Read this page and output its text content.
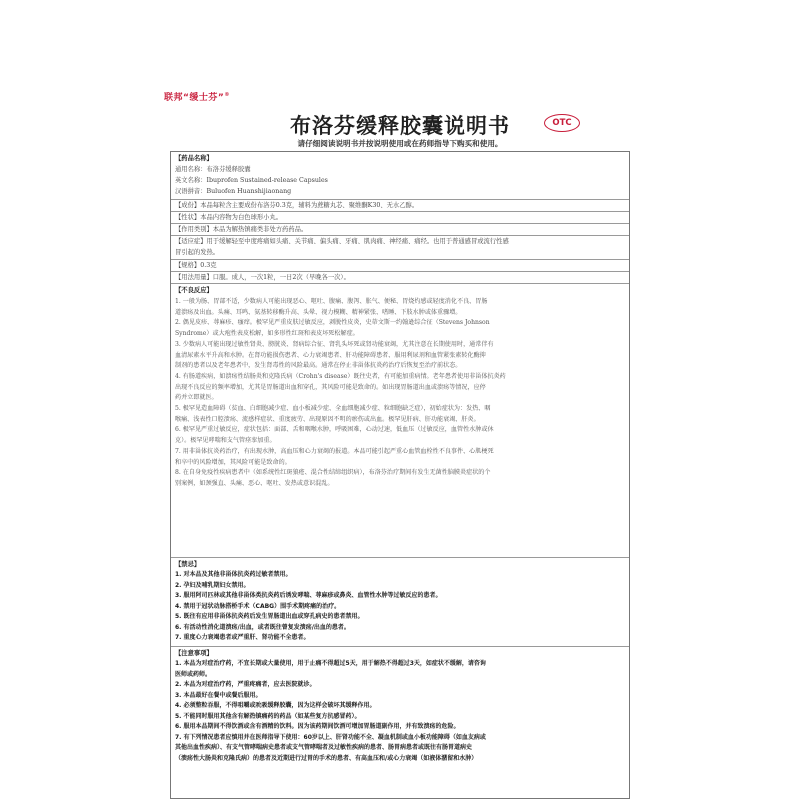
联邦“缓士芬”®
布洛芬缓释胶囊说明书	OTC
请仔细阅读说明书并按说明使用或在药师指导下购买和使用。
【药品名称】
通用名称：布洛芬缓释胶囊
英文名称：Ibuprofen Sustained-release Capsules
汉语拼音：Buluofen Huanshijiaonang
【成份】本品每粒含主要成份布洛芬0.3克，辅料为蔗糖丸芯、聚维酮K30、无水乙醇。
【性状】本品内容物为白色球形小丸。
【作用类别】本品为解热镇痛类非处方药药品。
【适应症】用于缓解轻至中度疼痛如头痛、关节痛、偏头痛、牙痛、肌肉痛、神经痛、痛经。也用于普通感冒或流行性感
冒引起的发热。
【规格】0.3克
【用法用量】口服。成人，一次1粒，一日2次（早晚各一次）。
【不良反应】
1. 一般为肠、胃部不适，少数病人可能出现恶心、呕吐、腹痛、腹泻、胀气、便秘、胃烧灼感或轻度消化不良、胃肠
道溃疡及出血。头痛、耳鸣、氨基转移酶升高、头晕、视力模糊、精神紧张、嗜睡、下肢水肿或体重骤增。
2. 偶见皮疹、荨麻疹、瘙痒。极罕见严重皮肤过敏反应，剥脱性皮炎，史蒂文斯一约翰逊综合征（Stevens Johnson
Syndrome）或大疱性表皮松解，如多形性红斑和表皮坏死松解症。
3. 少数病人可能出现过敏性肾炎、膀胱炎、肾病综合征、肾乳头坏死或肾功能衰竭，尤其注意在长期使用时，通常伴有
血清尿素水平升高和水肿。在肾功能损伤患者、心力衰竭患者、肝功能障碍患者、服用利尿剂和血管紧张素转化酶抑
制剂的患者以及老年患者中，发生肾毒性的风险最高。通常在停止非甾体抗炎药治疗后恢复至治疗前状态。
4. 有肠道疾病，如溃疡性结肠炎和克隆氏病（Crohn's disease）既往史者，有可能加重病情。老年患者使用非甾体抗炎药
出现不良反应的频率增加，尤其是胃肠道出血和穿孔，其风险可能是致命的。如出现胃肠道出血或溃疡等情况，应停
药并立即就医。
5. 极罕见造血障碍（贫血、白细胞减少症、血小板减少症、全血细胞减少症、粒细胞缺乏症），初始症状为：发热、咽
喉痛、浅表性口腔溃疡、流感样症状、重度疲劳、出现原因不明的瘀伤或出血。极罕见肝病、肝功能衰竭、肝炎。
6. 极罕见严重过敏反应，症状包括：面部、舌和咽喉水肿，呼吸困难，心动过速，低血压（过敏反应，血管性水肿或休
克）。极罕见哮喘和支气管痉挛加重。
7. 用非甾体抗炎药治疗，有出现水肿，高血压和心力衰竭的报道。本品可能引起严重心血管血栓性不良事件、心肌梗死
和卒中的风险增加，其风险可能是致命的。
8. 在自身免疫性疾病患者中（如系统性红斑狼疮、混合性结缔组织病），布洛芬治疗期间有发生无菌性脑膜炎症状的个
别案例，如颈强直、头痛、恶心、呕吐、发热或意识混乱。
【禁忌】
1. 对本品及其他非甾体抗炎药过敏者禁用。
2. 孕妇及哺乳期妇女禁用。
3. 服用阿司匹林或其他非甾体类抗炎药后诱发哮喘、荨麻疹或鼻炎、血管性水肿等过敏反应的患者。
4. 禁用于冠状动脉搭桥手术（CABG）围手术期疼痛的治疗。
5. 既往有应用非甾体抗炎药后发生胃肠道出血或穿孔病史的患者禁用。
6. 有活动性消化道溃疡/出血，或者既往曾复发溃疡/出血的患者。
7. 重度心力衰竭患者或严重肝、肾功能不全患者。
【注意事项】
1. 本品为对症治疗药，不宜长期或大量使用，用于止痛不得超过5天，用于解热不得超过3天，如症状不缓解，请咨询
医师或药师。
2. 本品为对症治疗药，严重疼痛者，应去医院就诊。
3. 本品最好在餐中或餐后服用。
4. 必须整粒吞服，不得咀嚼或吮吸缓释胶囊，因为这样会破坏其缓释作用。
5. 不能同时服用其他含有解热镇痛药的药品（如某些复方抗感冒药）。
6. 服用本品期间不得饮酒或含有酒精的饮料。因为该药期间饮酒可增加胃肠道副作用，并有致溃疡的危险。
7. 有下列情况患者应慎用并在医师指导下使用：60岁以上、肝肾功能不全、凝血机制或血小板功能障碍（如血友病或
其他出血性疾病）、有支气管哮喘病史患者或支气管哮喘者及过敏性疾病的患者、肠胃病患者或既往有肠胃道病史
（溃疡性大肠炎和克隆氏病）的患者及近期进行过胃的手术的患者、有高血压和/或心力衰竭（如液体潴留和水肿）
